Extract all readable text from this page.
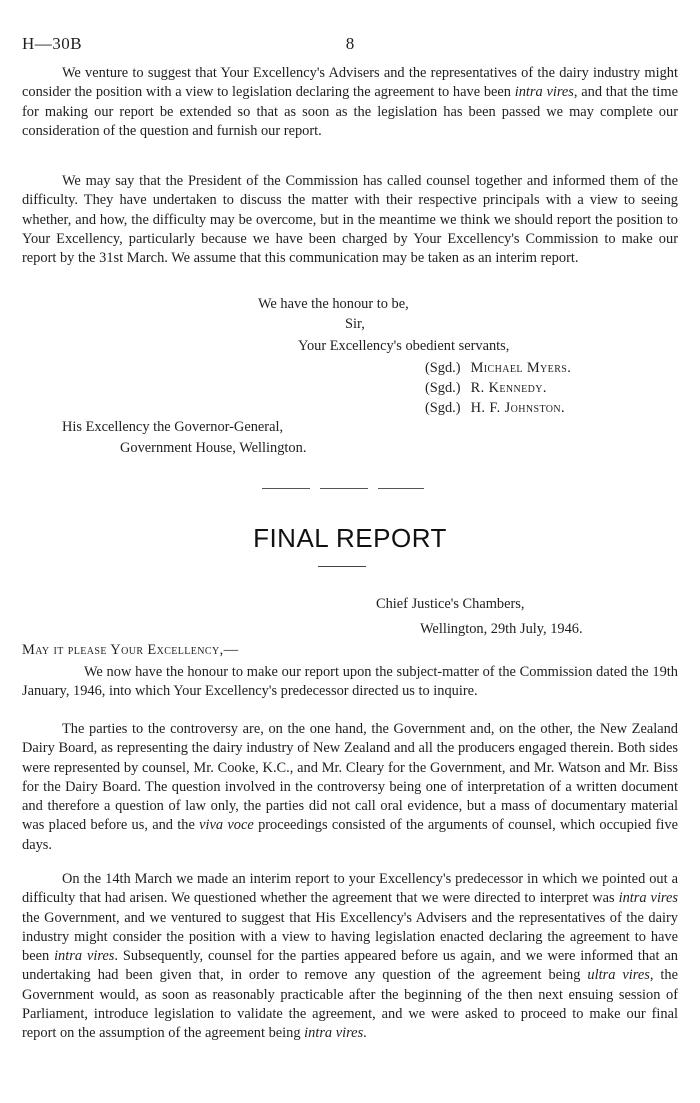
H—30B	8

We venture to suggest that Your Excellency's Advisers and the representatives of the dairy industry might consider the position with a view to legislation declaring the agreement to have been intra vires, and that the time for making our report be extended so that as soon as the legislation has been passed we may complete our consideration of the question and furnish our report.

We may say that the President of the Commission has called counsel together and informed them of the difficulty. They have undertaken to discuss the matter with their respective principals with a view to seeing whether, and how, the difficulty may be overcome, but in the meantime we think we should report the position to Your Excellency, particularly because we have been charged by Your Excellency's Commission to make our report by the 31st March. We assume that this communication may be taken as an interim report.

We have the honour to be,
Sir,
Your Excellency's obedient servants,
(Sgd.) Michael Myers.
(Sgd.) R. Kennedy.
(Sgd.) H. F. Johnston.
His Excellency the Governor-General,
Government House, Wellington.
FINAL REPORT
Chief Justice's Chambers,
Wellington, 29th July, 1946.
May it please Your Excellency,—

We now have the honour to make our report upon the subject-matter of the Commission dated the 19th January, 1946, into which Your Excellency's predecessor directed us to inquire.

The parties to the controversy are, on the one hand, the Government and, on the other, the New Zealand Dairy Board, as representing the dairy industry of New Zealand and all the producers engaged therein. Both sides were represented by counsel, Mr. Cooke, K.C., and Mr. Cleary for the Government, and Mr. Watson and Mr. Biss for the Dairy Board. The question involved in the controversy being one of interpretation of a written document and therefore a question of law only, the parties did not call oral evidence, but a mass of documentary material was placed before us, and the viva voce proceedings consisted of the arguments of counsel, which occupied five days.

On the 14th March we made an interim report to your Excellency's predecessor in which we pointed out a difficulty that had arisen. We questioned whether the agreement that we were directed to interpret was intra vires the Government, and we ventured to suggest that His Excellency's Advisers and the representatives of the dairy industry might consider the position with a view to having legislation enacted declaring the agreement to have been intra vires. Subsequently, counsel for the parties appeared before us again, and we were informed that an undertaking had been given that, in order to remove any question of the agreement being ultra vires, the Government would, as soon as reasonably practicable after the beginning of the then next ensuing session of Parliament, introduce legislation to validate the agreement, and we were asked to proceed to make our final report on the assumption of the agreement being intra vires.
